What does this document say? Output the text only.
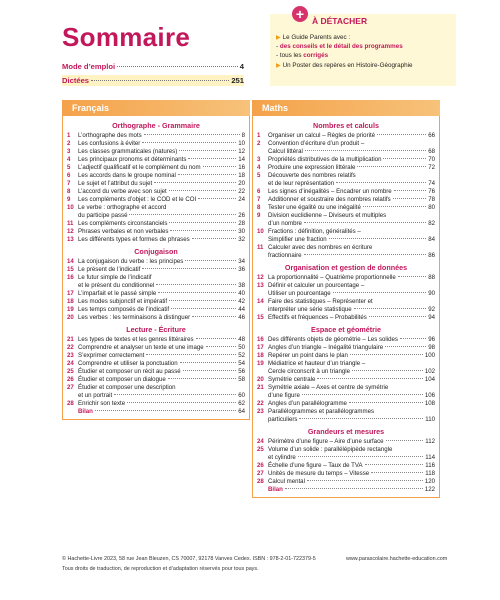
Sommaire
Mode d’emploi	4
Dictées	251
+ À DÉTACHER
▶ Le Guide Parents avec :
- des conseils et le détail des programmes
- tous les corrigés
▶ Un Poster des repères en Histoire-Géographie
Français
Orthographe - Grammaire
1	L’orthographe des mots	8
2	Les confusions à éviter	10
3	Les classes grammaticales (natures)	12
4	Les principaux pronoms et déterminants	14
5	L’adjectif qualificatif et le complément du nom	16
6	Les accords dans le groupe nominal	18
7	Le sujet et l’attribut du sujet	20
8	L’accord du verbe avec son sujet	22
9	Les compléments d’objet : le COD et le COI	24
10 Le verbe : orthographe et accord
du participe passé	26
11 Les compléments circonstanciels	28
12 Phrases verbales et non verbales	30
13 Les différents types et formes de phrases	32
Conjugaison
14 La conjugaison du verbe : les principes	34
15 Le présent de l’indicatif	36
16 Le futur simple de l’indicatif
et le présent du conditionnel	38
17 L’imparfait et le passé simple	40
18 Les modes subjonctif et impératif	42
19 Les temps composés de l’indicatif	44
20 Les verbes : les terminaisons à distinguer	46
Lecture - Écriture
21 Les types de textes et les genres littéraires	48
22 Comprendre et analyser un texte et une image	50
23 S’exprimer correctement	52
24 Comprendre et utiliser la ponctuation	54
25 Étudier et composer un récit au passé	56
26 Étudier et composer un dialogue	58
27 Étudier et composer une description
et un portrait	60
28 Enrichir son texte	62
Bilan	64
Maths
Nombres et calculs
1	Organiser un calcul – Règles de priorité	66
2	Convention d’écriture d’un produit –
Calcul littéral	68
3	Propriétés distributives de la multiplication	70
4	Produire une expression littérale	72
5	Découverte des nombres relatifs
et de leur représentation	74
6	Les signes d’inégalités – Encadrer un nombre	76
7	Additionner et soustraire des nombres relatifs	78
8	Tester une égalité ou une inégalité	80
9	Division euclidienne – Diviseurs et multiples
d’un nombre	82
10 Fractions : définition, généralités –
Simplifier une fraction	84
11 Calculer avec des nombres en écriture
fractionnaire	86
Organisation et gestion de données
12 La proportionnalité – Quatrième proportionnelle	88
13 Définir et calculer un pourcentage –
Utiliser un pourcentage	90
14 Faire des statistiques – Représenter et
interpréter une série statistique	92
15 Effectifs et fréquences – Probabilités	94
Espace et géométrie
16 Des différents objets de géométrie – Les solides	96
17 Angles d’un triangle – Inégalité triangulaire	98
18 Repérer un point dans le plan	100
19 Médiatrice et hauteur d’un triangle –
Cercle circonscrit à un triangle	102
20 Symétrie centrale	104
21 Symétrie axiale – Axes et centre de symétrie
d’une figure	106
22 Angles d’un parallélogramme	108
23 Parallélogrammes et parallélogrammes
particuliers	110
Grandeurs et mesures
24 Périmètre d’une figure – Aire d’une surface	112
25 Volume d’un solide : parallélépipède rectangle
et cylindre	114
26 Échelle d’une figure – Taux de TVA	116
27 Unités de mesure du temps – Vitesse	118
28 Calcul mental	120
Bilan	122
© Hachette-Livre 2023, 58 rue Jean Bleuzen, CS 70007, 92178 Vanves Cedex. ISBN : 978-2-01-722379-5	www.parascolaire.hachette-education.com
Tous droits de traduction, de reproduction et d’adaptation réservés pour tous pays.
